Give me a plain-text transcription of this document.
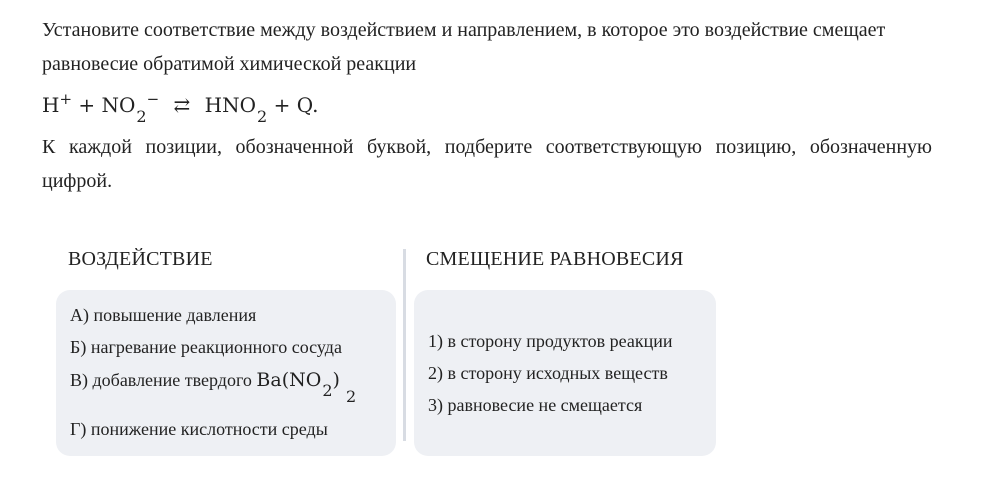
Установите соответствие между воздействием и направлением, в которое это воздействие смещает равновесие обратимой химической реакции
$H^+ + NO_2^-$ ⇄ $HNO_2 + Q$.
К каждой позиции, обозначенной буквой, подберите соответствующую позицию, обозначенную цифрой.
ВОЗДЕЙСТВИЕ	СМЕЩЕНИЕ РАВНОВЕСИЯ
А) повышение давления
Б) нагревание реакционного сосуда
В) добавление твердого $Ba(NO_2)_2$
Г) понижение кислотности среды
1) в сторону продуктов реакции
2) в сторону исходных веществ
3) равновесие не смещается
